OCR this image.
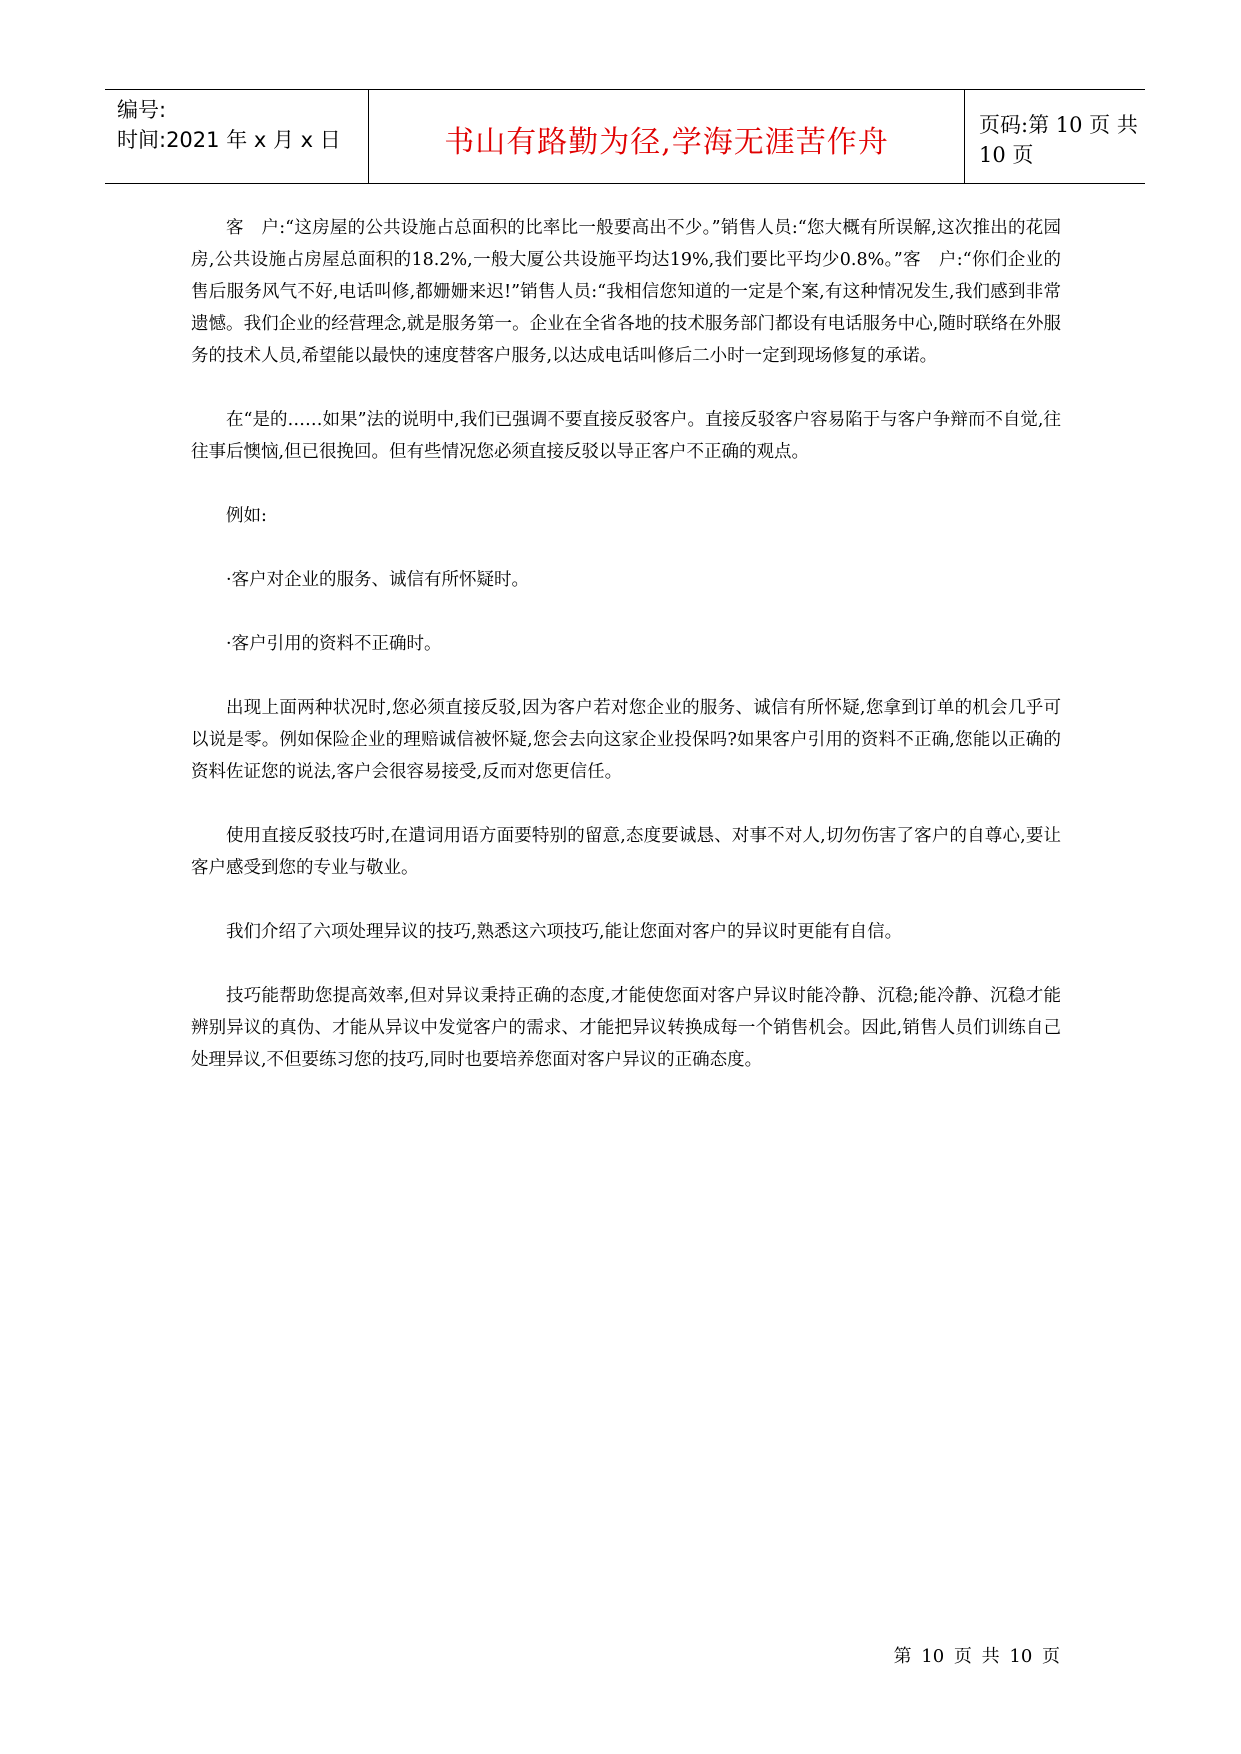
编号:
时间:2021 年 x 月 x 日	书山有路勤为径,学海无涯苦作舟	页码:第 10 页 共 10 页

客　户:“这房屋的公共设施占总面积的比率比一般要高出不少。”销售人员:“您大概有所误解,这次推出的花园房,公共设施占房屋总面积的18.2%,一般大厦公共设施平均达19%,我们要比平均少0.8%。”客　户:“你们企业的售后服务风气不好,电话叫修,都姗姗来迟!”销售人员:“我相信您知道的一定是个案,有这种情况发生,我们感到非常遗憾。我们企业的经营理念,就是服务第一。企业在全省各地的技术服务部门都设有电话服务中心,随时联络在外服务的技术人员,希望能以最快的速度替客户服务,以达成电话叫修后二小时一定到现场修复的承诺。

在“是的……如果”法的说明中,我们已强调不要直接反驳客户。直接反驳客户容易陷于与客户争辩而不自觉,往往事后懊恼,但已很挽回。但有些情况您必须直接反驳以导正客户不正确的观点。

例如:

·客户对企业的服务、诚信有所怀疑时。

·客户引用的资料不正确时。

出现上面两种状况时,您必须直接反驳,因为客户若对您企业的服务、诚信有所怀疑,您拿到订单的机会几乎可以说是零。例如保险企业的理赔诚信被怀疑,您会去向这家企业投保吗?如果客户引用的资料不正确,您能以正确的资料佐证您的说法,客户会很容易接受,反而对您更信任。

使用直接反驳技巧时,在遣词用语方面要特别的留意,态度要诚恳、对事不对人,切勿伤害了客户的自尊心,要让客户感受到您的专业与敬业。

我们介绍了六项处理异议的技巧,熟悉这六项技巧,能让您面对客户的异议时更能有自信。

技巧能帮助您提高效率,但对异议秉持正确的态度,才能使您面对客户异议时能冷静、沉稳;能冷静、沉稳才能辨别异议的真伪、才能从异议中发觉客户的需求、才能把异议转换成每一个销售机会。因此,销售人员们训练自己处理异议,不但要练习您的技巧,同时也要培养您面对客户异议的正确态度。

第 10 页 共 10 页
